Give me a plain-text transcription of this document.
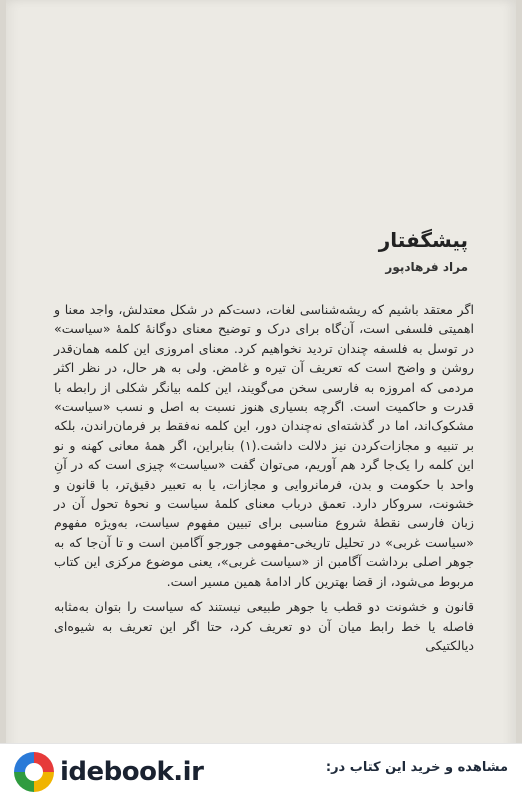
پیشگفتار
مراد فرهادپور

اگر معتقد باشیم که ریشه‌شناسی لغات، دست‌کم در شکل معتدلش، واجد معنا و اهمیتی فلسفی است، آن‌گاه برای درک و توضیح معنای دوگانهٔ کلمهٔ «سیاست» در توسل به فلسفه چندان تردید نخواهیم کرد. معنای امروزی این کلمه همان‌قدر روشن و واضح است که تعریف آن تیره و غامض. ولی به هر حال، در نظر اکثر مردمی که امروزه به فارسی سخن می‌گویند، این کلمه بیانگر شکلی از رابطه با قدرت و حاکمیت است. اگرچه بسیاری هنوز نسبت به اصل و نسب «سیاست» مشکوک‌اند، اما در گذشته‌ای نه‌چندان دور، این کلمه نه‌فقط بر فرمان‌راندن، بلکه بر تنبیه و مجازات‌کردن نیز دلالت داشت.(۱) بنابراین، اگر همهٔ معانی کهنه و نو این کلمه را یک‌جا گرد هم آوریم، می‌توان گفت «سیاست» چیزی است که در آنِ واحد با حکومت و بدن، فرمانروایی و مجازات، یا به تعبیر دقیق‌تر، با قانون و خشونت، سروکار دارد. تعمق درباب معنای کلمهٔ سیاست و نحوهٔ تحول آن در زبان فارسی نقطهٔ شروع مناسبی برای تبیین مفهوم سیاست، به‌ویژه مفهوم «سیاست غربی» در تحلیل تاریخی-مفهومی جورجو آگامبن است و تا آن‌جا که به جوهر اصلی برداشت آگامبن از «سیاست غربی»، یعنی موضوع مرکزی این کتاب مربوط می‌شود، از قضا بهترین کار ادامهٔ همین مسیر است.

قانون و خشونت دو قطب یا جوهر طبیعی نیستند که سیاست را بتوان به‌مثابه فاصله یا خط رابط میان آن دو تعریف کرد، حتا اگر این تعریف به شیوه‌ای دیالکتیکی

idebook.ir	مشاهده و خرید این کتاب در:
